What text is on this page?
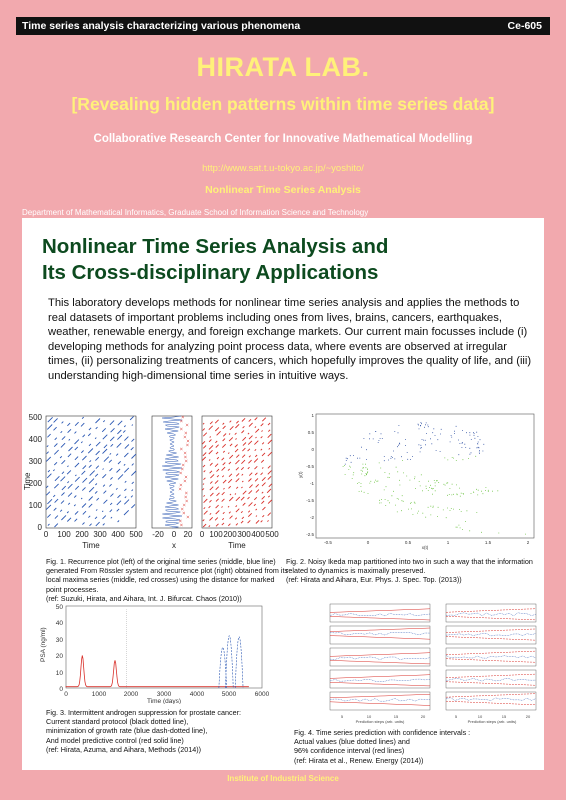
Time series analysis characterizing various phenomena	Ce-605
HIRATA LAB.
[Revealing hidden patterns within time series data]
Collaborative Research Center for Innovative Mathematical Modelling
http://www.sat.t.u-tokyo.ac.jp/~yoshito/
Nonlinear Time Series Analysis
Department of Mathematical Informatics, Graduate School of Information Science and Technology
Nonlinear Time Series Analysis and
Its Cross-disciplinary Applications
This laboratory develops methods for nonlinear time series analysis and applies the methods to real datasets of important problems including ones from lives, brains, cancers, earthquakes, weather, renewable energy, and foreign exchange markets. Our current main focusses include (i) developing methods for analyzing point process data, where events are observed at irregular times, (ii) personalizing treatments of cancers, which hopefully improves the quality of life, and (iii) understanding high-dimensional time series in intuitive ways.
500
400
300
200
100
0
Time
0 100 200 300 400 500
Time
-20 0 20
x
0 100 200 300 400 500
Time
Fig. 1. Recurrence plot (left) of the original time series (middle, blue line) generated From Rössler system and recurrence plot (right) obtained from its local maxima series (middle, red crosses) using the distance for marked point processes.
(ref: Suzuki, Hirata, and Aihara, Int. J. Bifurcat. Chaos (2010))
1
0.5
0
-0.5
-1
-1.5
-2
-2.5
y(t)
-0.5	0	0.5	1	1.5	2
x(t)
Fig. 2. Noisy Ikeda map partitioned into two in such a way that the information related to dynamics is maximally preserved.
(ref: Hirata and Aihara, Eur. Phys. J. Spec. Top. (2013))
50
40
30
20
10
0
PSA (ng/ml)
0	1000	2000	3000	4000	5000	6000
Time (days)
Fig. 3. Intermittent androgen suppression for prostate cancer:
Current standard protocol (black dotted line),
minimization of growth rate (blue dash-dotted line),
And model predictive control (red solid line)
(ref: Hirata, Azuma, and Aihara, Methods (2014))
5	10	15	20	5	10	15	20
Prediction steps (arb. units)	Prediction steps (arb. units)
Fig. 4. Time series prediction with confidence intervals :
Actual values (blue dotted lines) and
96% confidence interval (red lines)
(ref: Hirata et al., Renew. Energy (2014))
Institute of Industrial Science
